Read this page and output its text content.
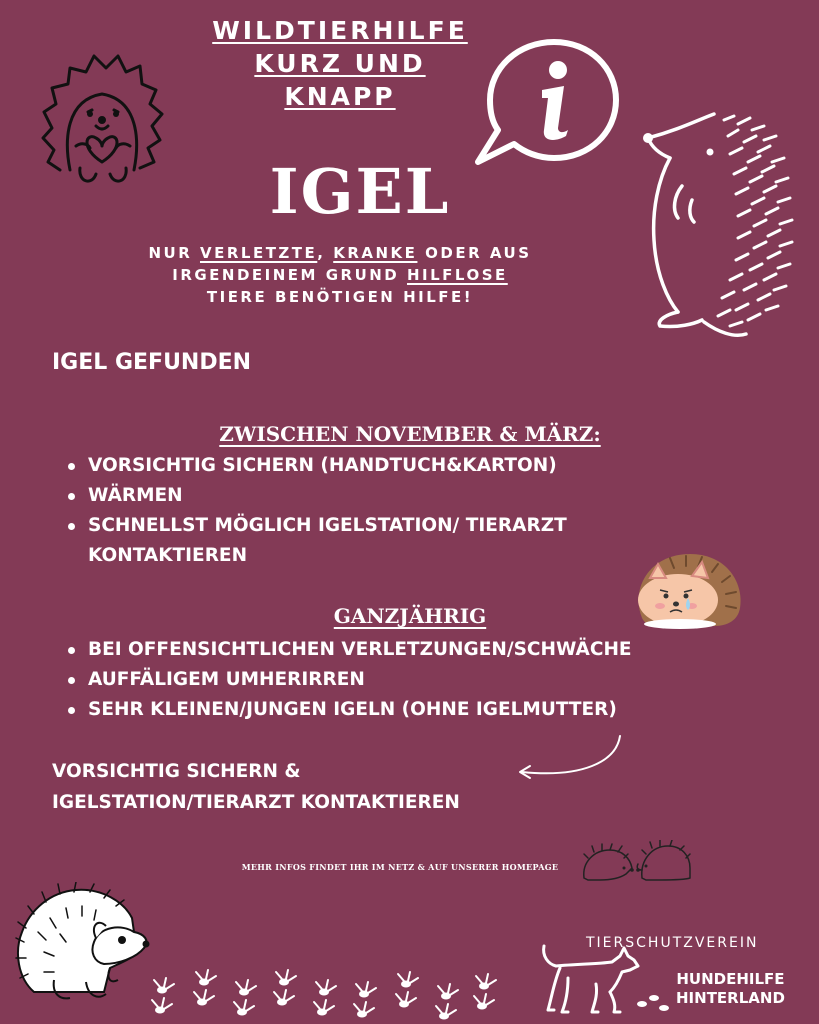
WILDTIERHILFE
KURZ UND
KNAPP
IGEL
NUR VERLETZTE, KRANKE ODER AUS
IRGENDEINEM GRUND HILFLOSE
TIERE BENÖTIGEN HILFE!
IGEL GEFUNDEN
ZWISCHEN NOVEMBER & MÄRZ:
VORSICHTIG SICHERN (HANDTUCH&KARTON)
WÄRMEN
SCHNELLST MÖGLICH IGELSTATION/ TIERARZT KONTAKTIEREN
GANZJÄHRIG
BEI OFFENSICHTLICHEN VERLETZUNGEN/SCHWÄCHE
AUFFÄLIGEM UMHERIRREN
SEHR KLEINEN/JUNGEN IGELN (OHNE IGELMUTTER)
VORSICHTIG SICHERN &
IGELSTATION/TIERARZT KONTAKTIEREN
MEHR INFOS FINDET IHR IM NETZ & AUF UNSERER HOMEPAGE
TIERSCHUTZVEREIN
HUNDEHILFE
HINTERLAND
